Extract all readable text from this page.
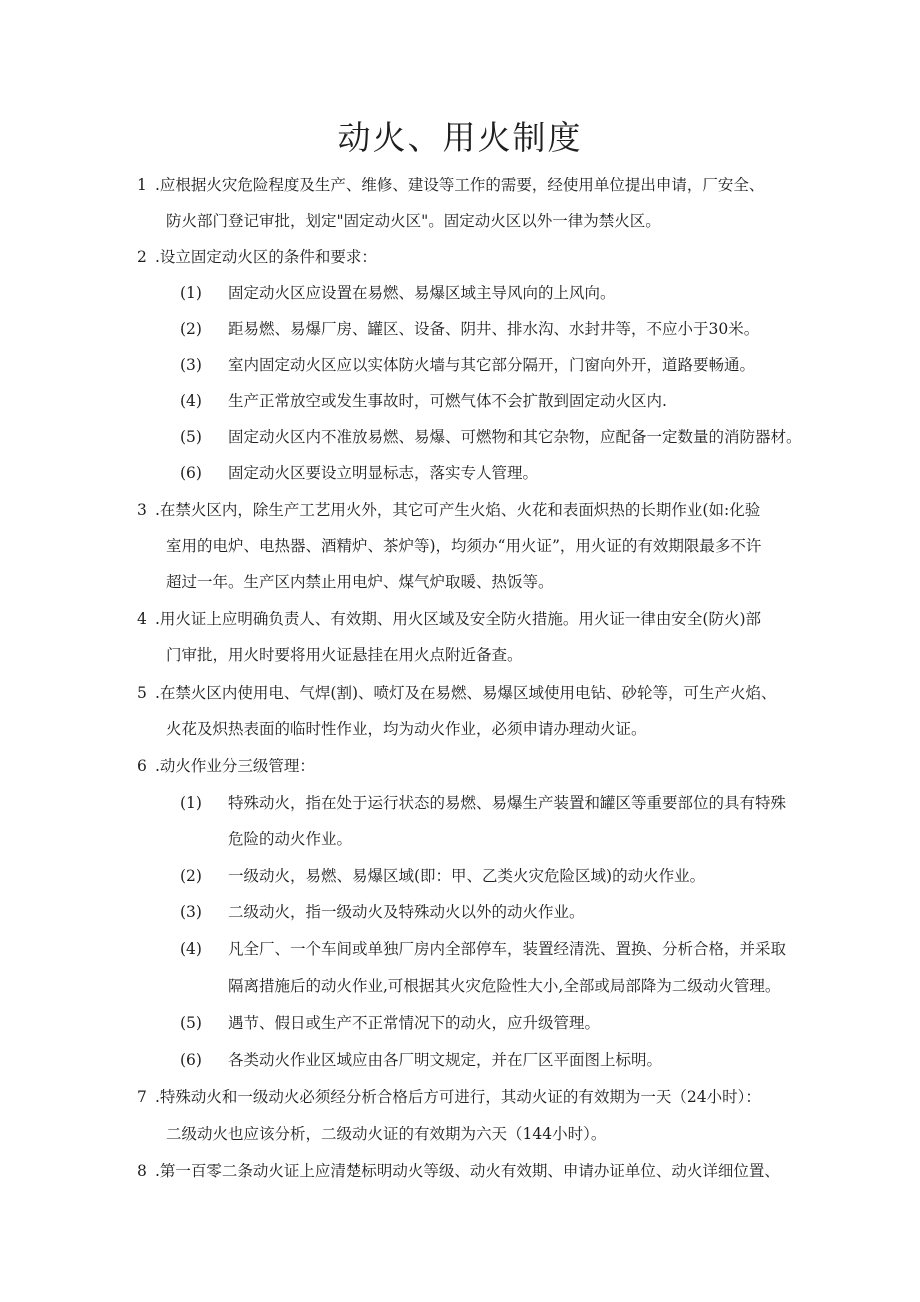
动火、用火制度
1 .应根据火灾危险程度及生产、维修、建设等工作的需要，经使用单位提出申请，厂安全、
防火部门登记审批，划定"固定动火区"。固定动火区以外一律为禁火区。
2 .设立固定动火区的条件和要求：
(1) 固定动火区应设置在易燃、易爆区域主导风向的上风向。
(2) 距易燃、易爆厂房、罐区、设备、阴井、排水沟、水封井等，不应小于30米。
(3) 室内固定动火区应以实体防火墙与其它部分隔开，门窗向外开，道路要畅通。
(4) 生产正常放空或发生事故时，可燃气体不会扩散到固定动火区内.
(5) 固定动火区内不准放易燃、易爆、可燃物和其它杂物，应配备一定数量的消防器材。
(6) 固定动火区要设立明显标志，落实专人管理。
3 .在禁火区内，除生产工艺用火外，其它可产生火焰、火花和表面炽热的长期作业(如:化验
室用的电炉、电热器、酒精炉、茶炉等)，均须办“用火证”，用火证的有效期限最多不许
超过一年。生产区内禁止用电炉、煤气炉取暖、热饭等。
4 .用火证上应明确负责人、有效期、用火区域及安全防火措施。用火证一律由安全(防火)部
门审批，用火时要将用火证悬挂在用火点附近备查。
5 .在禁火区内使用电、气焊(割)、喷灯及在易燃、易爆区域使用电钻、砂轮等，可生产火焰、
火花及炽热表面的临时性作业，均为动火作业，必须申请办理动火证。
6 .动火作业分三级管理：
(1) 特殊动火，指在处于运行状态的易燃、易爆生产装置和罐区等重要部位的具有特殊
危险的动火作业。
(2) 一级动火，易燃、易爆区域(即：甲、乙类火灾危险区域)的动火作业。
(3) 二级动火，指一级动火及特殊动火以外的动火作业。
(4) 凡全厂、一个车间或单独厂房内全部停车，装置经清洗、置换、分析合格，并采取
隔离措施后的动火作业,可根据其火灾危险性大小,全部或局部降为二级动火管理。
(5) 遇节、假日或生产不正常情况下的动火，应升级管理。
(6) 各类动火作业区域应由各厂明文规定，并在厂区平面图上标明。
7 .特殊动火和一级动火必须经分析合格后方可进行，其动火证的有效期为一天（24小时）：
二级动火也应该分析，二级动火证的有效期为六天（144小时）。
8 .第一百零二条动火证上应清楚标明动火等级、动火有效期、申请办证单位、动火详细位置、
